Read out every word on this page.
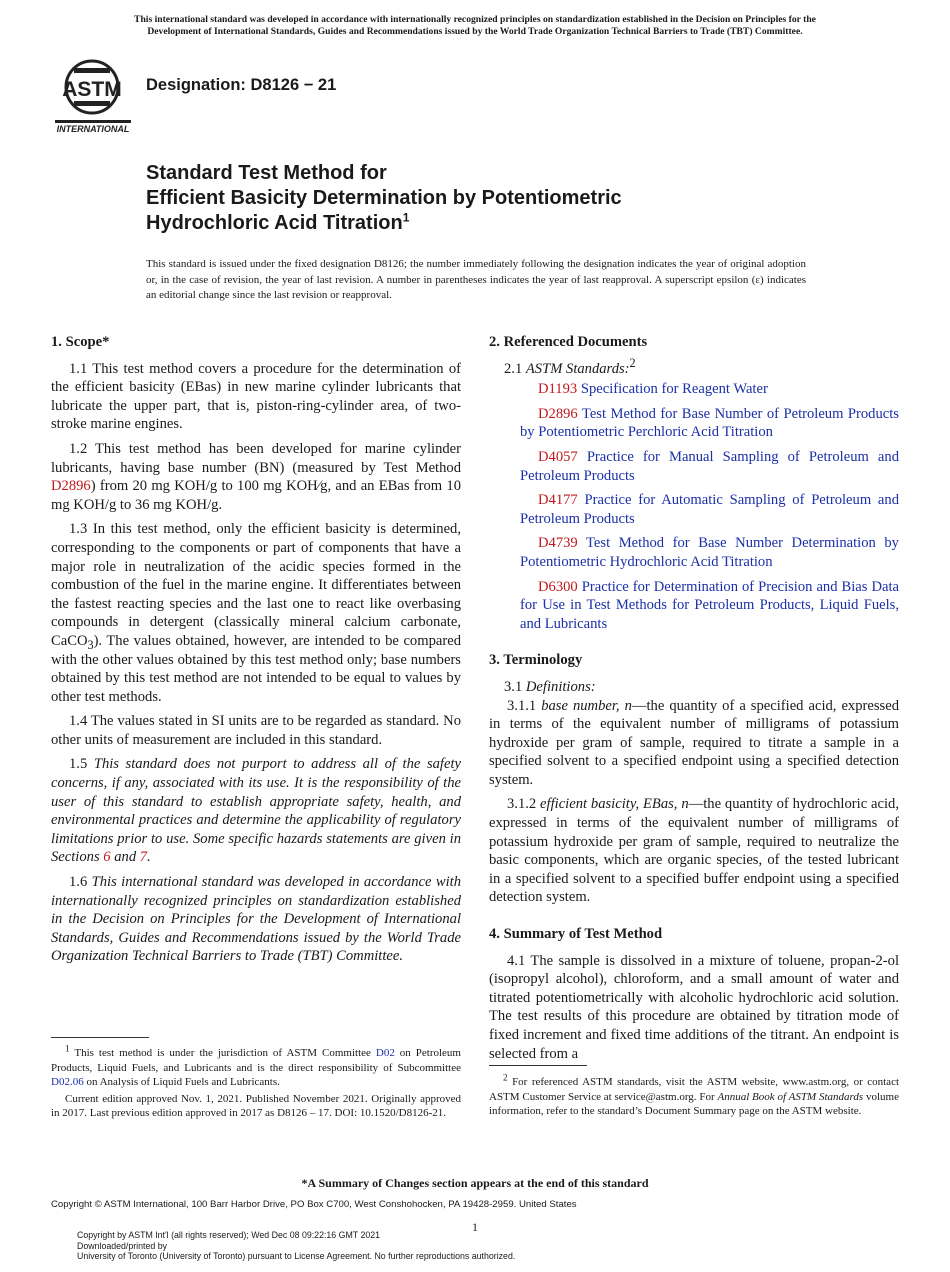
This international standard was developed in accordance with internationally recognized principles on standardization established in the Decision on Principles for the
Development of International Standards, Guides and Recommendations issued by the World Trade Organization Technical Barriers to Trade (TBT) Committee.
ASTM
INTERNATIONAL
Designation: D8126 − 21
Standard Test Method for
Efficient Basicity Determination by Potentiometric
Hydrochloric Acid Titration$^1$
This standard is issued under the fixed designation D8126; the number immediately following the designation indicates the year of original adoption or, in the case of revision, the year of last revision. A number in parentheses indicates the year of last reapproval. A superscript epsilon (ε) indicates an editorial change since the last revision or reapproval.
1. Scope*

1.1 This test method covers a procedure for the determination of the efficient basicity (EBas) in new marine cylinder lubricants that lubricate the upper part, that is, piston-ring-cylinder area, of two-stroke marine engines.

1.2 This test method has been developed for marine cylinder lubricants, having base number (BN) (measured by Test Method D2896) from 20 mg KOH/g to 100 mg KOH⁄g, and an EBas from 10 mg KOH/g to 36 mg KOH/g.

1.3 In this test method, only the efficient basicity is determined, corresponding to the components or part of components that have a major role in neutralization of the acidic species formed in the combustion of the fuel in the marine engine. It differentiates between the fastest reacting species and the last one to react like overbasing compounds in detergent (classically mineral calcium carbonate, CaCO$_3$). The values obtained, however, are intended to be compared with the other values obtained by this test method only; base numbers obtained by this test method are not intended to be equal to values by other test methods.

1.4 The values stated in SI units are to be regarded as standard. No other units of measurement are included in this standard.

1.5 This standard does not purport to address all of the safety concerns, if any, associated with its use. It is the responsibility of the user of this standard to establish appropriate safety, health, and environmental practices and determine the applicability of regulatory limitations prior to use. Some specific hazards statements are given in Sections 6 and 7.

1.6 This international standard was developed in accordance with internationally recognized principles on standardization established in the Decision on Principles for the Development of International Standards, Guides and Recommendations issued by the World Trade Organization Technical Barriers to Trade (TBT) Committee.

$^1$ This test method is under the jurisdiction of ASTM Committee D02 on Petroleum Products, Liquid Fuels, and Lubricants and is the direct responsibility of Subcommittee D02.06 on Analysis of Liquid Fuels and Lubricants.

Current edition approved Nov. 1, 2021. Published November 2021. Originally approved in 2017. Last previous edition approved in 2017 as D8126 – 17. DOI: 10.1520/D8126-21.

2. Referenced Documents

2.1 ASTM Standards:$^2$

D1193 Specification for Reagent Water

D2896 Test Method for Base Number of Petroleum Products by Potentiometric Perchloric Acid Titration

D4057 Practice for Manual Sampling of Petroleum and Petroleum Products

D4177 Practice for Automatic Sampling of Petroleum and Petroleum Products

D4739 Test Method for Base Number Determination by Potentiometric Hydrochloric Acid Titration

D6300 Practice for Determination of Precision and Bias Data for Use in Test Methods for Petroleum Products, Liquid Fuels, and Lubricants

3. Terminology

3.1 Definitions:

3.1.1 base number, n—the quantity of a specified acid, expressed in terms of the equivalent number of milligrams of potassium hydroxide per gram of sample, required to titrate a sample in a specified solvent to a specified endpoint using a specified detection system.

3.1.2 efficient basicity, EBas, n—the quantity of hydrochloric acid, expressed in terms of the equivalent number of milligrams of potassium hydroxide per gram of sample, required to neutralize the basic components, which are organic species, of the tested lubricant in a specified solvent to a specified buffer endpoint using a specified detection system.

4. Summary of Test Method

4.1 The sample is dissolved in a mixture of toluene, propan-2-ol (isopropyl alcohol), chloroform, and a small amount of water and titrated potentiometrically with alcoholic hydrochloric acid solution. The test results of this procedure are obtained by titration mode of fixed increment and fixed time additions of the titrant. An endpoint is selected from a

$^2$ For referenced ASTM standards, visit the ASTM website, www.astm.org, or contact ASTM Customer Service at service@astm.org. For Annual Book of ASTM Standards volume information, refer to the standard’s Document Summary page on the ASTM website.

*A Summary of Changes section appears at the end of this standard
Copyright © ASTM International, 100 Barr Harbor Drive, PO Box C700, West Conshohocken, PA 19428-2959. United States
1
Copyright by ASTM Int'l (all rights reserved); Wed Dec 08 09:22:16 GMT 2021
Downloaded/printed by
University of Toronto (University of Toronto) pursuant to License Agreement. No further reproductions authorized.
